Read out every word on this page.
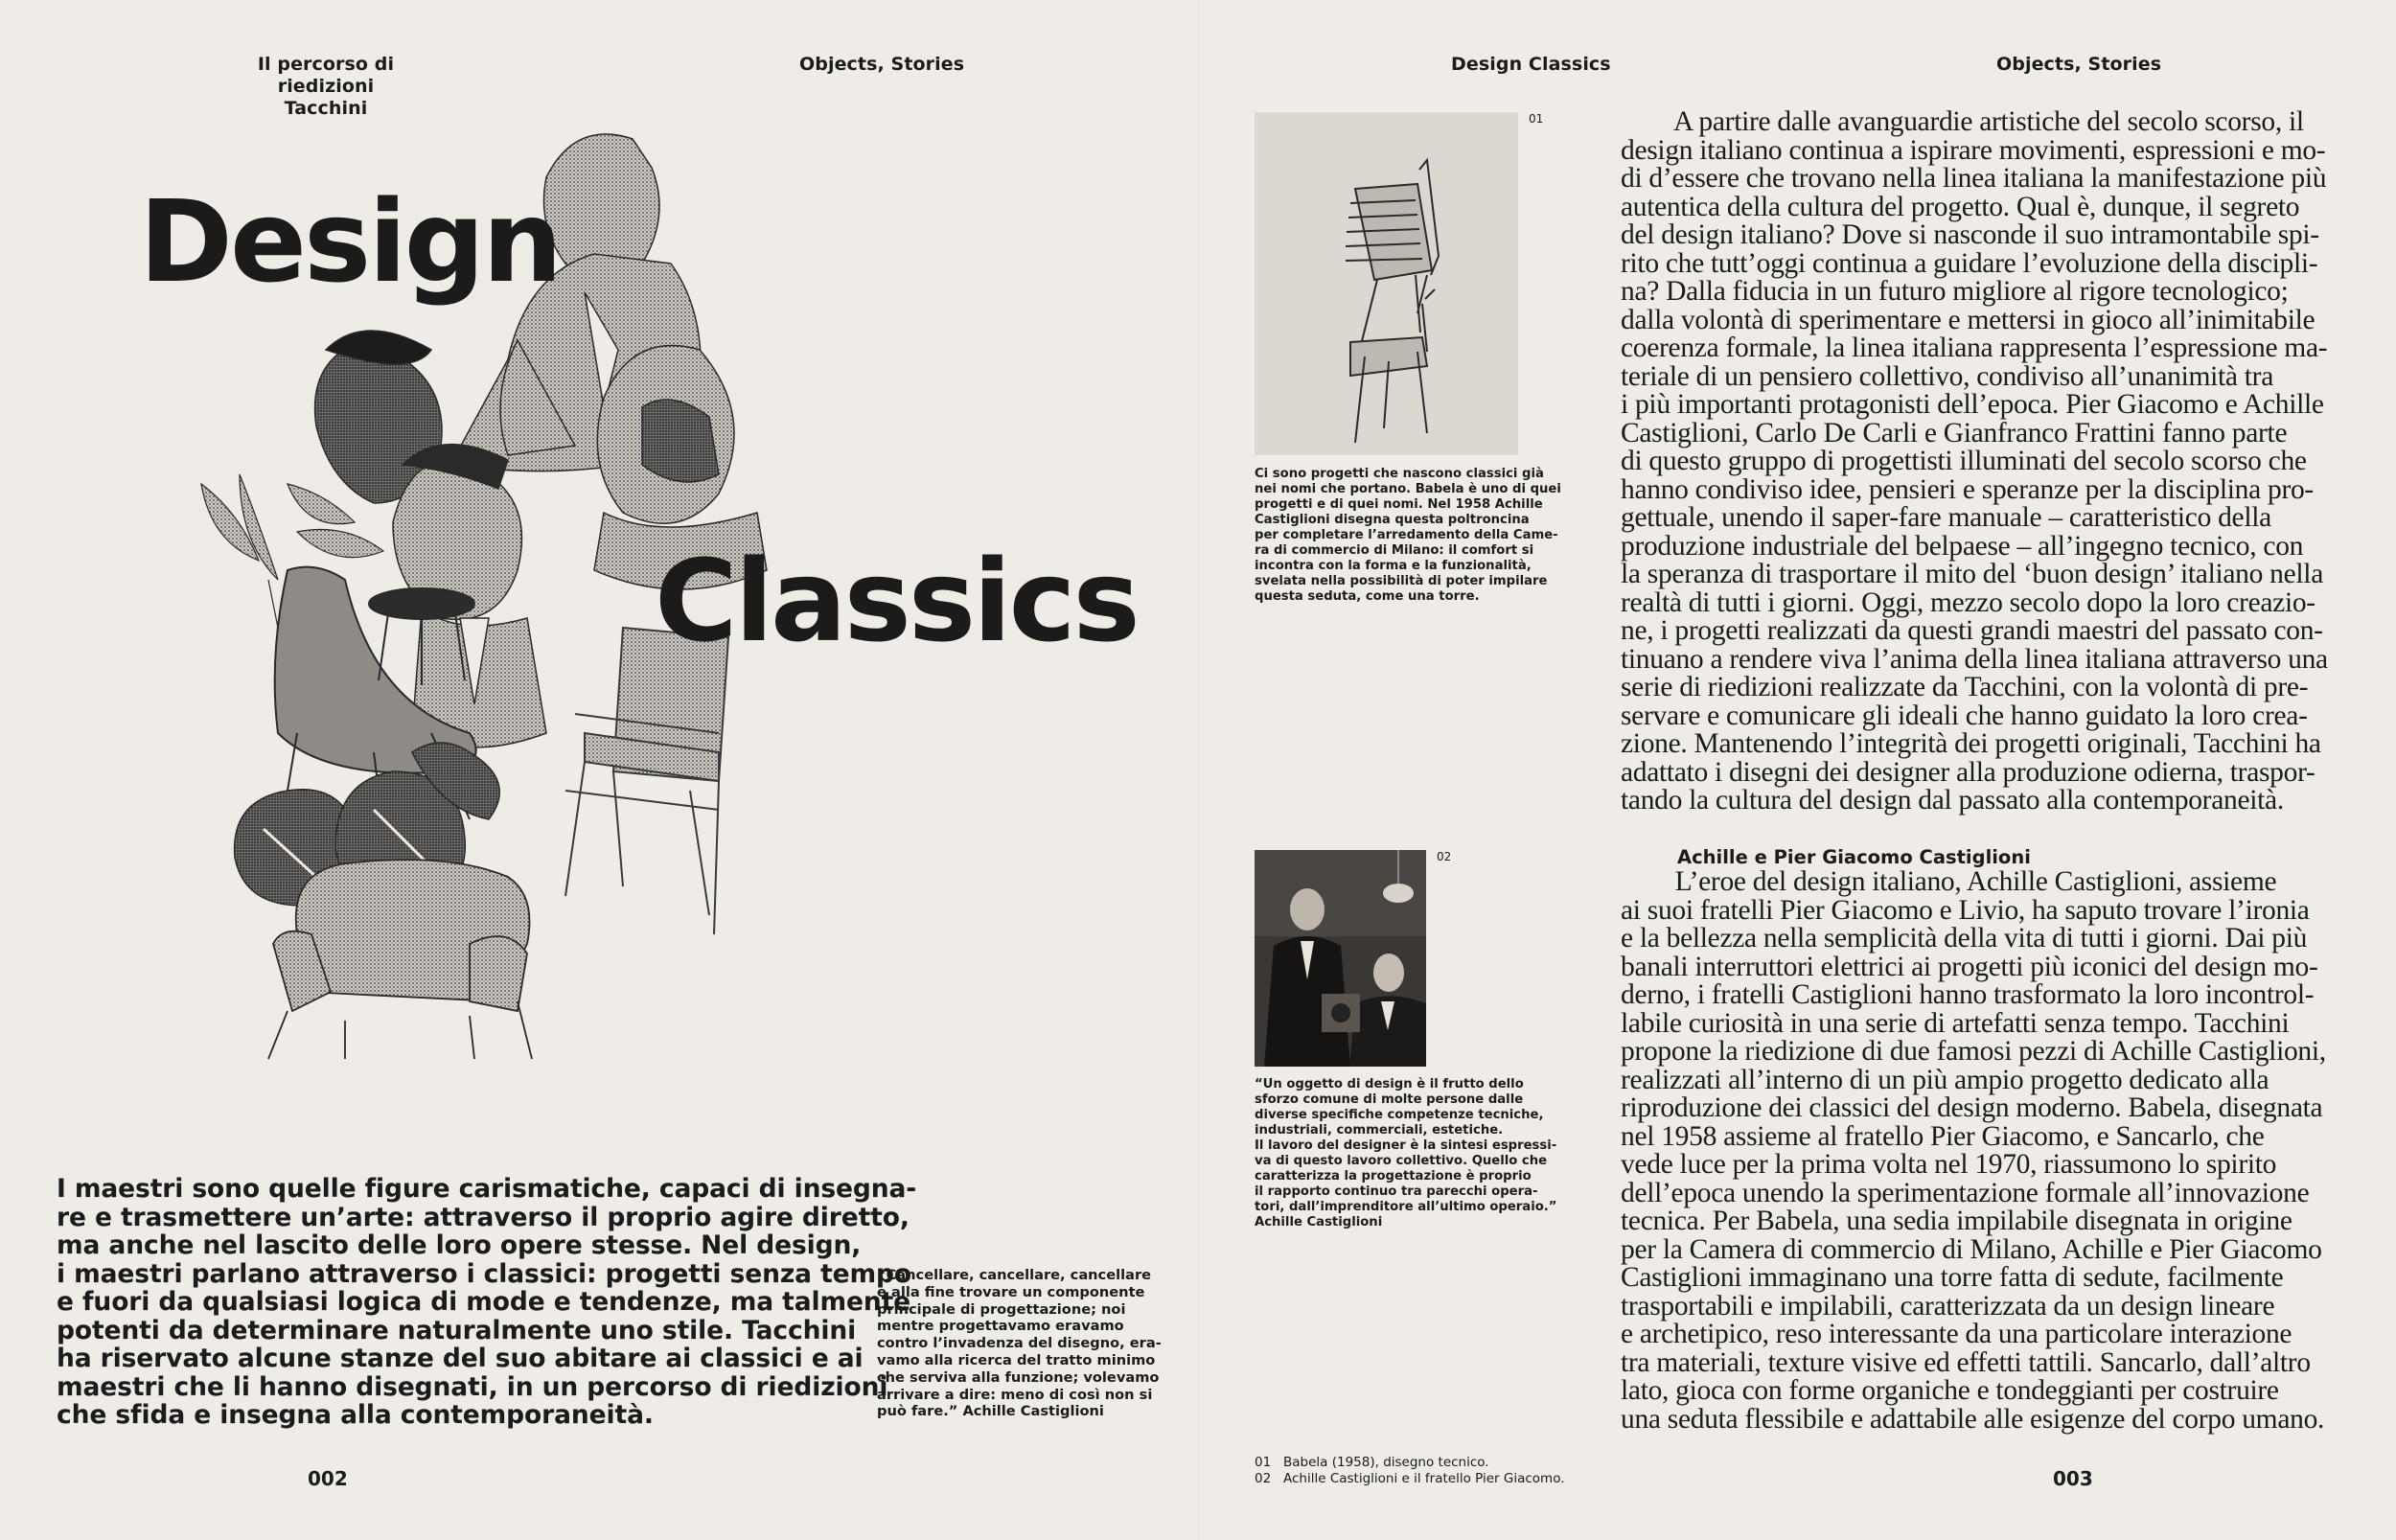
Il percorso di
riedizioni Tacchini
Objects, Stories
Design
Classics
I maestri sono quelle figure carismatiche, capaci di insegna-
re e trasmettere un’arte: attraverso il proprio agire diretto,
ma anche nel lascito delle loro opere stesse. Nel design,
i maestri parlano attraverso i classici: progetti senza tempo
e fuori da qualsiasi logica di mode e tendenze, ma talmente
potenti da determinare naturalmente uno stile. Tacchini
ha riservato alcune stanze del suo abitare ai classici e ai
maestri che li hanno disegnati, in un percorso di riedizioni
che sfida e insegna alla contemporaneità.
“Cancellare, cancellare, cancellare
e alla fine trovare un componente
principale di progettazione; noi
mentre progettavamo eravamo
contro l’invadenza del disegno, era-
vamo alla ricerca del tratto minimo
che serviva alla funzione; volevamo
arrivare a dire: meno di così non si
può fare.” Achille Castiglioni
002
Design Classics	Objects, Stories
01
Ci sono progetti che nascono classici già
nei nomi che portano. Babela è uno di quei
progetti e di quei nomi. Nel 1958 Achille
Castiglioni disegna questa poltroncina
per completare l’arredamento della Came-
ra di commercio di Milano: il comfort si
incontra con la forma e la funzionalità,
svelata nella possibilità di poter impilare
questa seduta, come una torre.
02
“Un oggetto di design è il frutto dello
sforzo comune di molte persone dalle
diverse specifiche competenze tecniche,
industriali, commerciali, estetiche.
Il lavoro del designer è la sintesi espressi-
va di questo lavoro collettivo. Quello che
caratterizza la progettazione è proprio
il rapporto continuo tra parecchi opera-
tori, dall’imprenditore all’ultimo operaio.”
Achille Castiglioni
A partire dalle avanguardie artistiche del secolo scorso, il
design italiano continua a ispirare movimenti, espressioni e mo-
di d’essere che trovano nella linea italiana la manifestazione più
autentica della cultura del progetto. Qual è, dunque, il segreto
del design italiano? Dove si nasconde il suo intramontabile spi-
rito che tutt’oggi continua a guidare l’evoluzione della discipli-
na? Dalla fiducia in un futuro migliore al rigore tecnologico;
dalla volontà di sperimentare e mettersi in gioco all’inimitabile
coerenza formale, la linea italiana rappresenta l’espressione ma-
teriale di un pensiero collettivo, condiviso all’unanimità tra
i più importanti protagonisti dell’epoca. Pier Giacomo e Achille
Castiglioni, Carlo De Carli e Gianfranco Frattini fanno parte
di questo gruppo di progettisti illuminati del secolo scorso che
hanno condiviso idee, pensieri e speranze per la disciplina pro-
gettuale, unendo il saper-fare manuale – caratteristico della
produzione industriale del belpaese – all’ingegno tecnico, con
la speranza di trasportare il mito del ‘buon design’ italiano nella
realtà di tutti i giorni. Oggi, mezzo secolo dopo la loro creazio-
ne, i progetti realizzati da questi grandi maestri del passato con-
tinuano a rendere viva l’anima della linea italiana attraverso una
serie di riedizioni realizzate da Tacchini, con la volontà di pre-
servare e comunicare gli ideali che hanno guidato la loro crea-
zione. Mantenendo l’integrità dei progetti originali, Tacchini ha
adattato i disegni dei designer alla produzione odierna, traspor-
tando la cultura del design dal passato alla contemporaneità.
Achille e Pier Giacomo Castiglioni
L’eroe del design italiano, Achille Castiglioni, assieme
ai suoi fratelli Pier Giacomo e Livio, ha saputo trovare l’ironia
e la bellezza nella semplicità della vita di tutti i giorni. Dai più
banali interruttori elettrici ai progetti più iconici del design mo-
derno, i fratelli Castiglioni hanno trasformato la loro incontrol-
labile curiosità in una serie di artefatti senza tempo. Tacchini
propone la riedizione di due famosi pezzi di Achille Castiglioni,
realizzati all’interno di un più ampio progetto dedicato alla
riproduzione dei classici del design moderno. Babela, disegnata
nel 1958 assieme al fratello Pier Giacomo, e Sancarlo, che
vede luce per la prima volta nel 1970, riassumono lo spirito
dell’epoca unendo la sperimentazione formale all’innovazione
tecnica. Per Babela, una sedia impilabile disegnata in origine
per la Camera di commercio di Milano, Achille e Pier Giacomo
Castiglioni immaginano una torre fatta di sedute, facilmente
trasportabili e impilabili, caratterizzata da un design lineare
e archetipico, reso interessante da una particolare interazione
tra materiali, texture visive ed effetti tattili. Sancarlo, dall’altro
lato, gioca con forme organiche e tondeggianti per costruire
una seduta flessibile e adattabile alle esigenze del corpo umano.
01 Babela (1958), disegno tecnico.
02 Achille Castiglioni e il fratello Pier Giacomo.	003
